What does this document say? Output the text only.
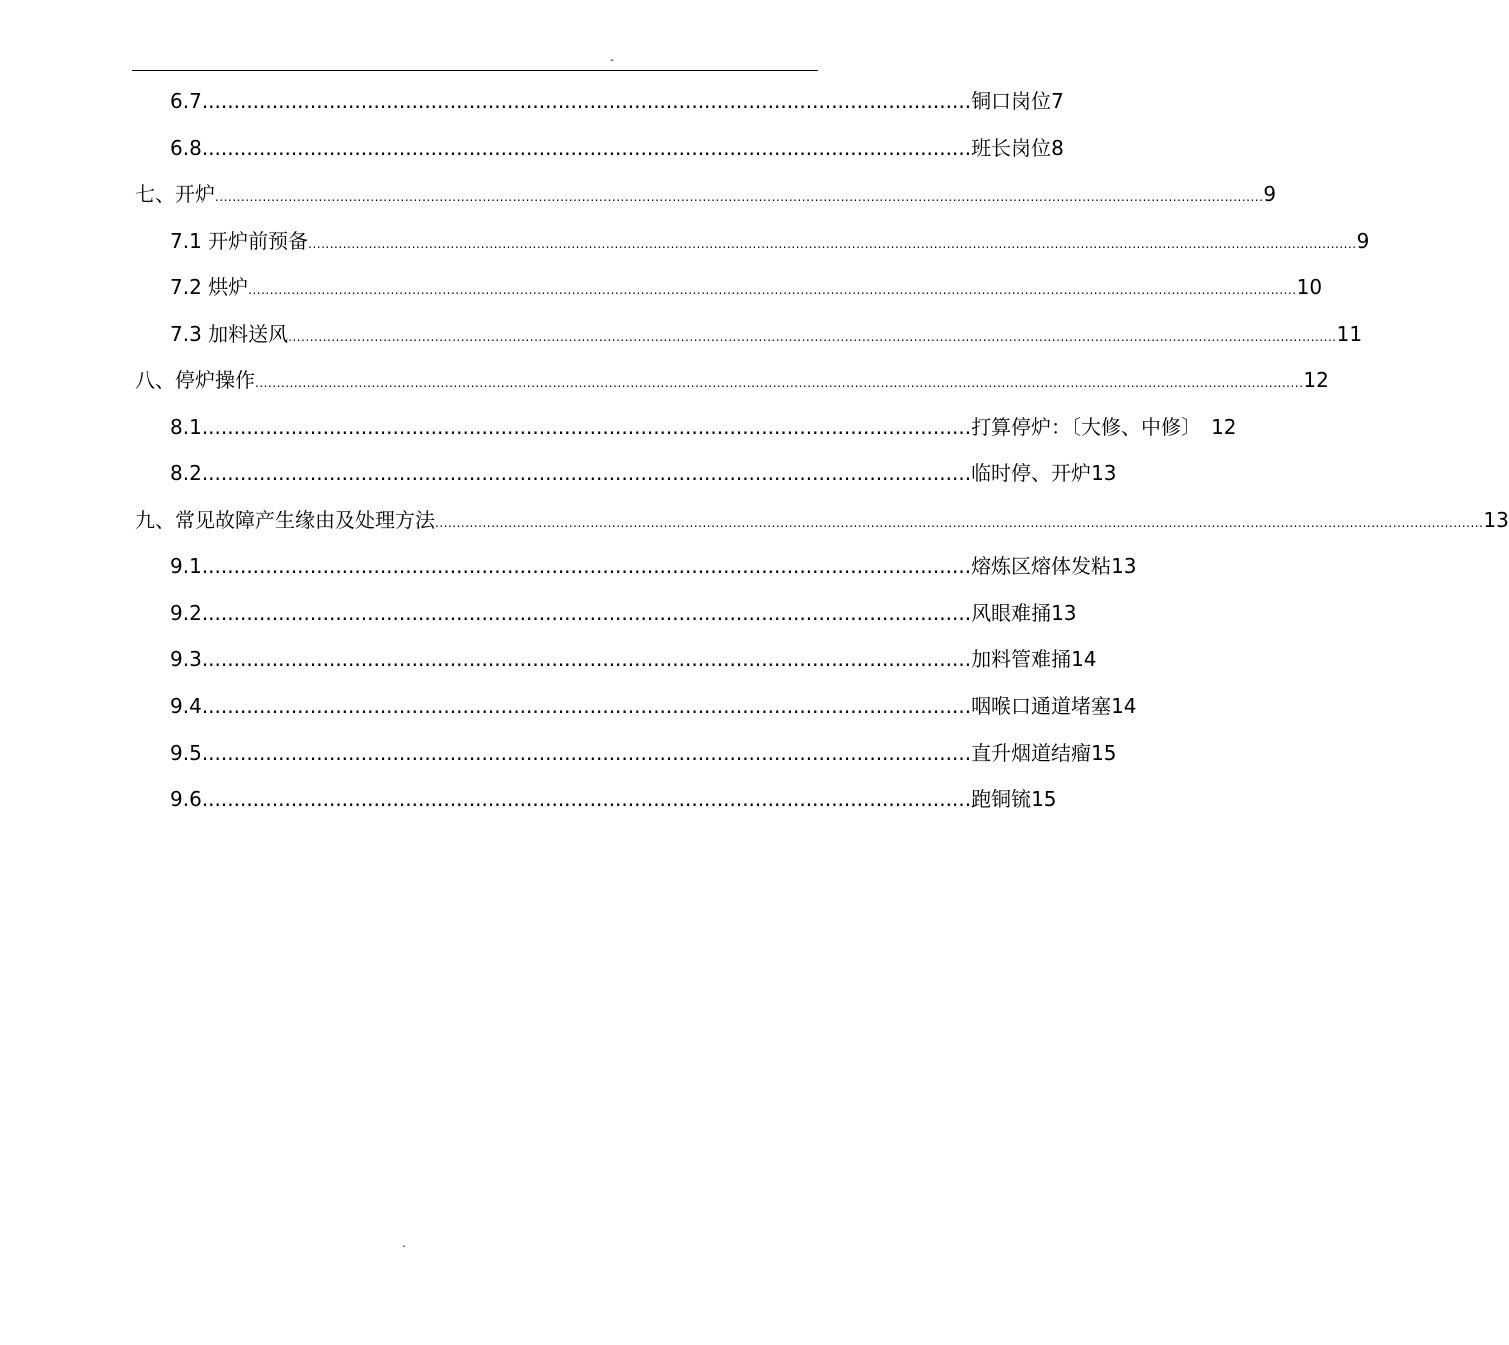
-
6.7 ......................................................................................................................... 铜口岗位 7
6.8 ......................................................................................................................... 班长岗位 8
七、开炉 ................................................................................................................................................................................................................................................... 9
7.1 开炉前预备 ................................................................................................................................................................................................................................................... 9
7.2 烘炉 ................................................................................................................................................................................................................................................... 10
7.3 加料送风 ................................................................................................................................................................................................................................................... 11
八、停炉操作 ................................................................................................................................................................................................................................................... 12
8.1 ......................................................................................................................... 打算停炉：〔大修、中修〕 12
8.2 ......................................................................................................................... 临时停、开炉 13
九、常见故障产生缘由及处理方法 ................................................................................................................................................................................................................................................... 13
9.1 ......................................................................................................................... 熔炼区熔体发粘 13
9.2 ......................................................................................................................... 风眼难捅 13
9.3 ......................................................................................................................... 加料管难捅 14
9.4 ......................................................................................................................... 咽喉口通道堵塞 14
9.5 ......................................................................................................................... 直升烟道结瘤 15
9.6 ......................................................................................................................... 跑铜锍 15
.
